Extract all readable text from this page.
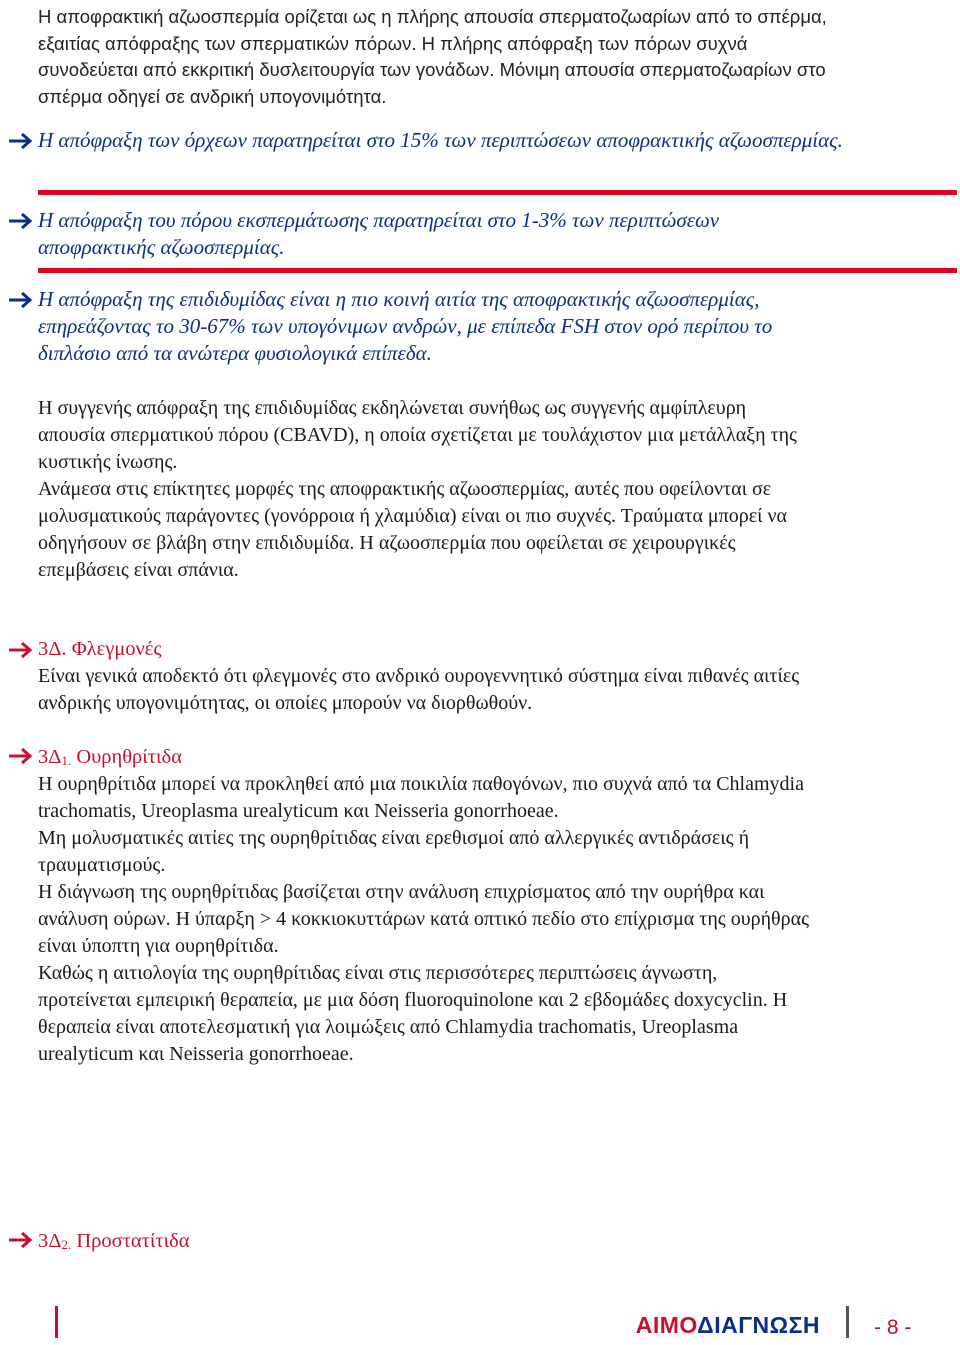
Η αποφρακτική αζωοσπερμία ορίζεται ως η πλήρης απουσία σπερματοζωαρίων από το σπέρμα, εξαιτίας απόφραξης των σπερματικών πόρων. Η πλήρης απόφραξη των πόρων συχνά συνοδεύεται από εκκριτική δυσλειτουργία των γονάδων. Μόνιμη απουσία σπερματοζωαρίων στο σπέρμα οδηγεί σε ανδρική υπογονιμότητα.
Η απόφραξη των όρχεων παρατηρείται στο 15% των περιπτώσεων αποφρακτικής αζωοσπερμίας.
Η απόφραξη του πόρου εκσπερμάτωσης παρατηρείται στο 1-3% των περιπτώσεων αποφρακτικής αζωοσπερμίας.
Η απόφραξη της επιδιδυμίδας είναι η πιο κοινή αιτία της αποφρακτικής αζωοσπερμίας, επηρεάζοντας το 30-67% των υπογόνιμων ανδρών, με επίπεδα FSH στον ορό περίπου το διπλάσιο από τα ανώτερα φυσιολογικά επίπεδα.
Η συγγενής απόφραξη της επιδιδυμίδας εκδηλώνεται συνήθως ως συγγενής αμφίπλευρη απουσία σπερματικού πόρου (CBAVD), η οποία σχετίζεται με τουλάχιστον μια μετάλλαξη της κυστικής ίνωσης.
Ανάμεσα στις επίκτητες μορφές της αποφρακτικής αζωοσπερμίας, αυτές που οφείλονται σε μολυσματικούς παράγοντες (γονόρροια ή χλαμύδια) είναι οι πιο συχνές. Τραύματα μπορεί να οδηγήσουν σε βλάβη στην επιδιδυμίδα. Η αζωοσπερμία που οφείλεται σε χειρουργικές επεμβάσεις είναι σπάνια.
3Δ. Φλεγμονές
Είναι γενικά αποδεκτό ότι φλεγμονές στο ανδρικό ουρογεννητικό σύστημα είναι πιθανές αιτίες ανδρικής υπογονιμότητας, οι οποίες μπορούν να διορθωθούν.
$3\Delta_{1.}$ Ουρηθρίτιδα
Η ουρηθρίτιδα μπορεί να προκληθεί από μια ποικιλία παθογόνων, πιο συχνά από τα Chlamydia trachomatis, Ureoplasma urealyticum και Neisseria gonorrhoeae.
Μη μολυσματικές αιτίες της ουρηθρίτιδας είναι ερεθισμοί από αλλεργικές αντιδράσεις ή τραυματισμούς.
Η διάγνωση της ουρηθρίτιδας βασίζεται στην ανάλυση επιχρίσματος από την ουρήθρα και ανάλυση ούρων. Η ύπαρξη > 4 κοκκιοκυττάρων κατά οπτικό πεδίο στο επίχρισμα της ουρήθρας είναι ύποπτη για ουρηθρίτιδα.
Καθώς η αιτιολογία της ουρηθρίτιδας είναι στις περισσότερες περιπτώσεις άγνωστη, προτείνεται εμπειρική θεραπεία, με μια δόση fluoroquinolone και 2 εβδομάδες doxycyclin. Η θεραπεία είναι αποτελεσματική για λοιμώξεις από Chlamydia trachomatis, Ureoplasma urealyticum και Neisseria gonorrhoeae.
$3\Delta_{2.}$ Προστατίτιδα
ΑΙΜΟΔΙΑΓΝΩΣΗ	- 8 -
